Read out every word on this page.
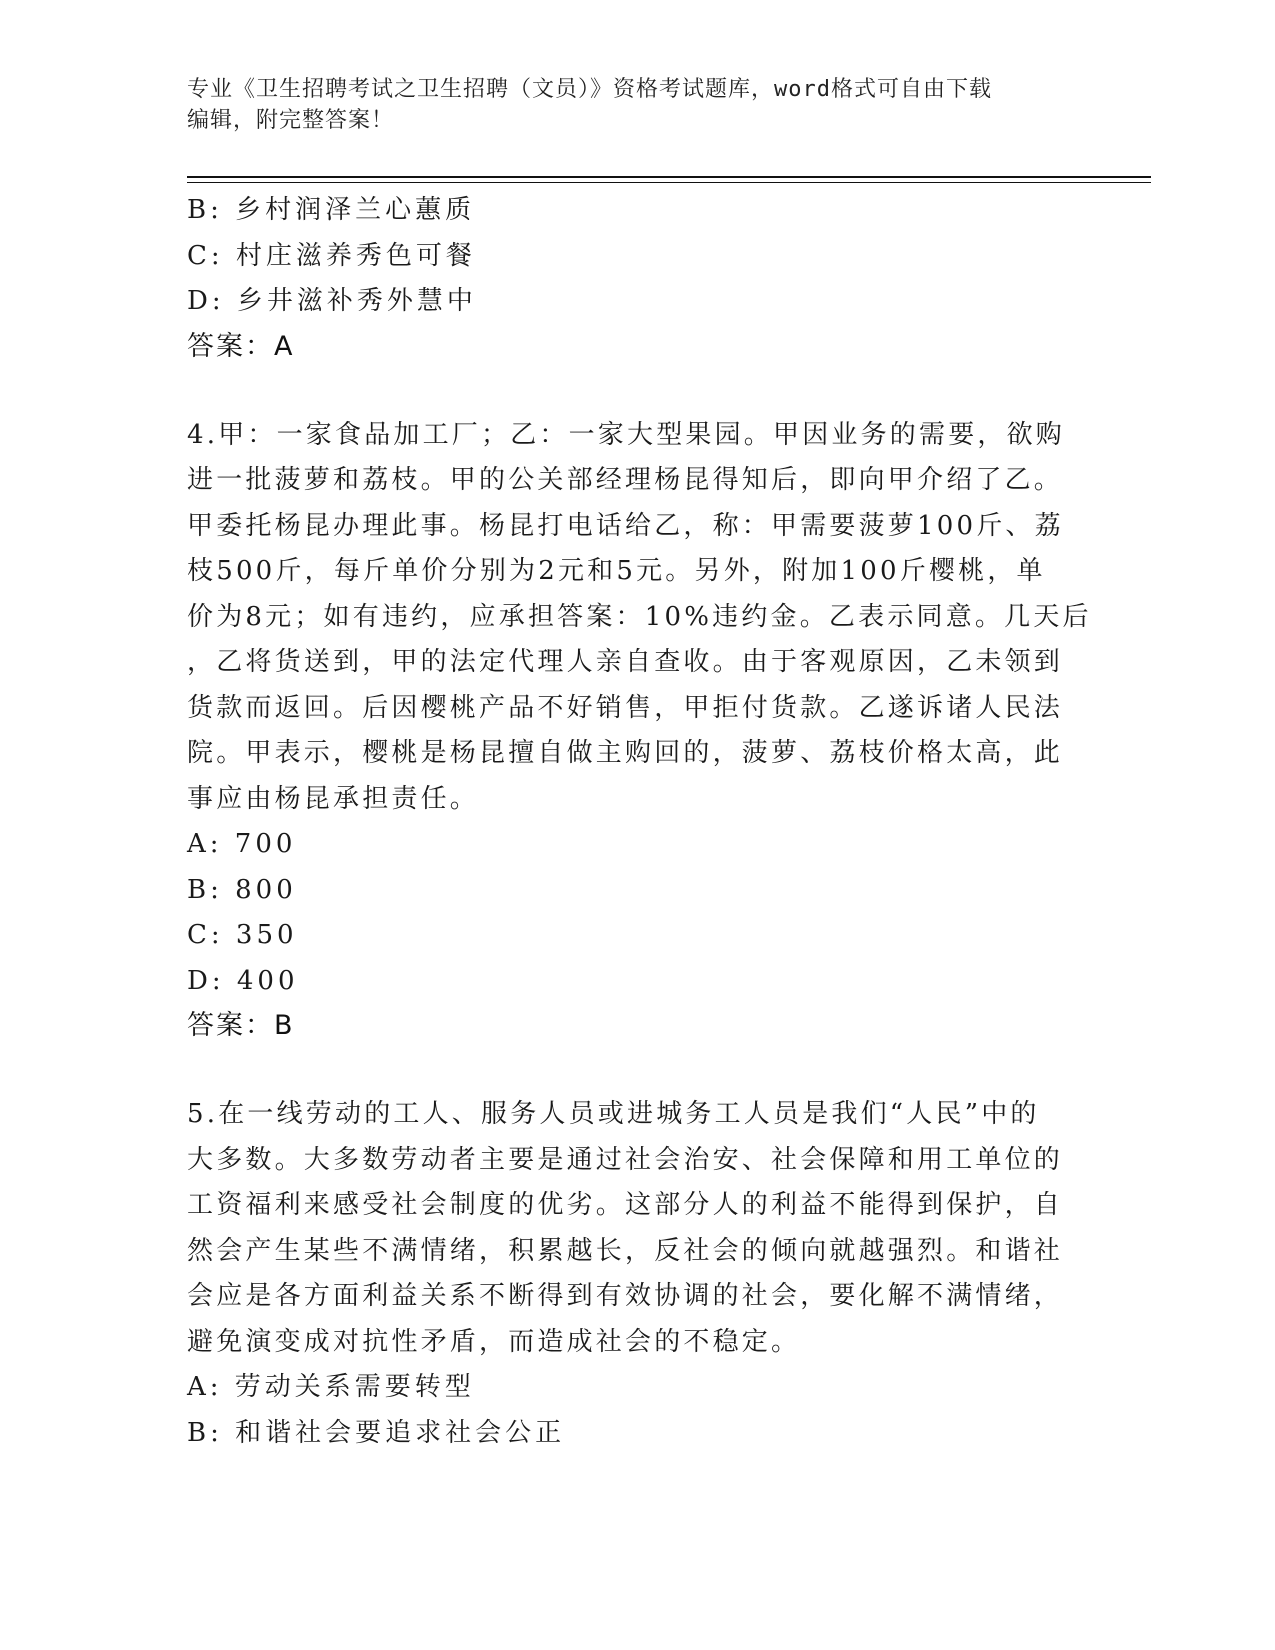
专业《卫生招聘考试之卫生招聘（文员）》资格考试题库，word格式可自由下载
编辑，附完整答案！
B: 乡村润泽兰心蕙质
C: 村庄滋养秀色可餐
D: 乡井滋补秀外慧中
答案：A
4.甲：一家食品加工厂；乙：一家大型果园。甲因业务的需要，欲购
进一批菠萝和荔枝。甲的公关部经理杨昆得知后，即向甲介绍了乙。
甲委托杨昆办理此事。杨昆打电话给乙，称：甲需要菠萝100斤、荔
枝500斤，每斤单价分别为2元和5元。另外，附加100斤樱桃，单
价为8元；如有违约，应承担答案：10%违约金。乙表示同意。几天后
，乙将货送到，甲的法定代理人亲自查收。由于客观原因，乙未领到
货款而返回。后因樱桃产品不好销售，甲拒付货款。乙遂诉诸人民法
院。甲表示，樱桃是杨昆擅自做主购回的，菠萝、荔枝价格太高，此
事应由杨昆承担责任。
A: 700
B: 800
C: 350
D: 400
答案：B
5.在一线劳动的工人、服务人员或进城务工人员是我们“人民”中的
大多数。大多数劳动者主要是通过社会治安、社会保障和用工单位的
工资福利来感受社会制度的优劣。这部分人的利益不能得到保护，自
然会产生某些不满情绪，积累越长，反社会的倾向就越强烈。和谐社
会应是各方面利益关系不断得到有效协调的社会，要化解不满情绪，
避免演变成对抗性矛盾，而造成社会的不稳定。
A: 劳动关系需要转型
B: 和谐社会要追求社会公正
